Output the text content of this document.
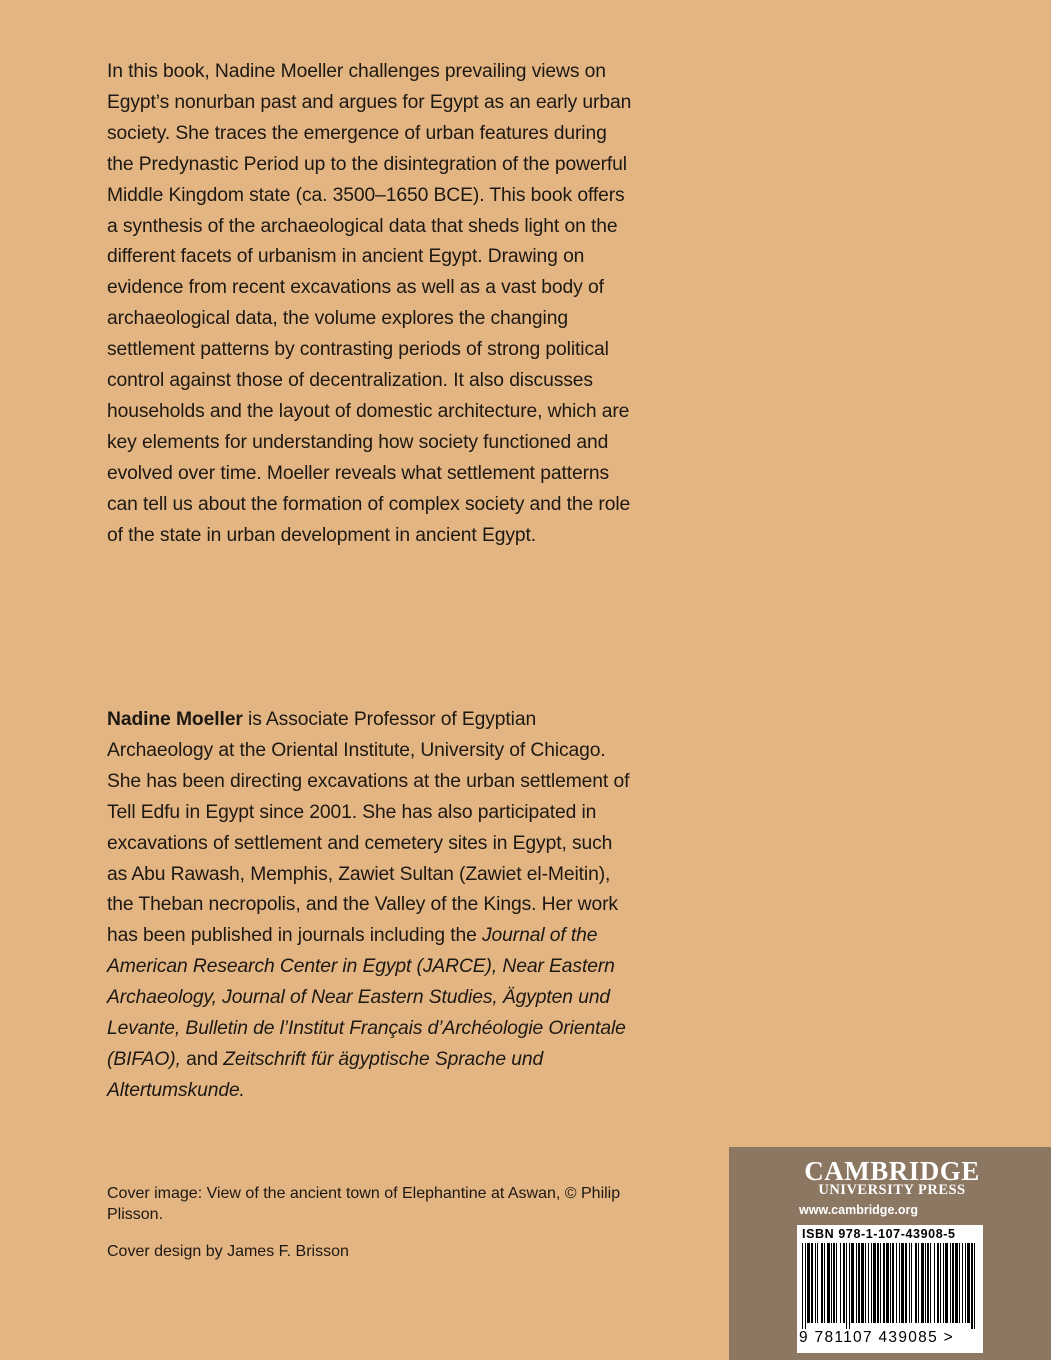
In this book, Nadine Moeller challenges prevailing views on Egypt’s nonurban past and argues for Egypt as an early urban society. She traces the emergence of urban features during the Predynastic Period up to the disintegration of the powerful Middle Kingdom state (ca. 3500–1650 BCE). This book offers a synthesis of the archaeological data that sheds light on the different facets of urbanism in ancient Egypt. Drawing on evidence from recent excavations as well as a vast body of archaeological data, the volume explores the changing settlement patterns by contrasting periods of strong political control against those of decentralization. It also discusses households and the layout of domestic architecture, which are key elements for understanding how society functioned and evolved over time. Moeller reveals what settlement patterns can tell us about the formation of complex society and the role of the state in urban development in ancient Egypt.
Nadine Moeller is Associate Professor of Egyptian Archaeology at the Oriental Institute, University of Chicago. She has been directing excavations at the urban settlement of Tell Edfu in Egypt since 2001. She has also participated in excavations of settlement and cemetery sites in Egypt, such as Abu Rawash, Memphis, Zawiet Sultan (Zawiet el-Meitin), the Theban necropolis, and the Valley of the Kings. Her work has been published in journals including the Journal of the American Research Center in Egypt (JARCE), Near Eastern Archaeology, Journal of Near Eastern Studies, Ägypten und Levante, Bulletin de l’Institut Français d’Archéologie Orientale (BIFAO), and Zeitschrift für ägyptische Sprache und Altertumskunde.
Cover image: View of the ancient town of Elephantine at Aswan, © Philip Plisson.
Cover design by James F. Brisson
CAMBRIDGE
UNIVERSITY PRESS
www.cambridge.org
ISBN 978-1-107-43908-5
9 781107 439085 >
